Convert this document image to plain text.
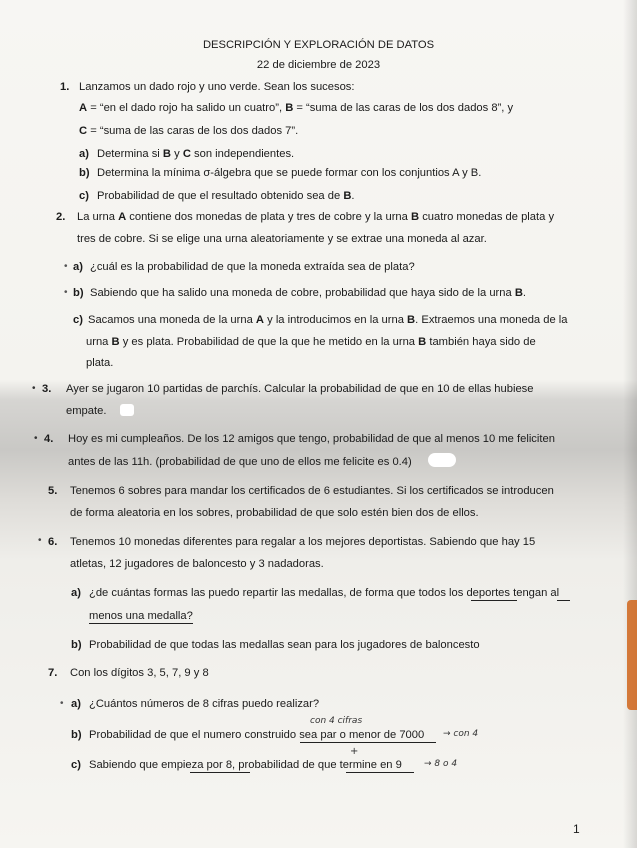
DESCRIPCIÓN Y EXPLORACIÓN DE DATOS
22 de diciembre de 2023
1. Lanzamos un dado rojo y uno verde. Sean los sucesos:
A = “en el dado rojo ha salido un cuatro”, B = “suma de las caras de los dos dados 8”, y
C = “suma de las caras de los dos dados 7”.
a) Determina si B y C son independientes.
b) Determina la mínima σ-álgebra que se puede formar con los conjuntios A y B.
c) Probabilidad de que el resultado obtenido sea de B.
2. La urna A contiene dos monedas de plata y tres de cobre y la urna B cuatro monedas de plata y
tres de cobre. Si se elige una urna aleatoriamente y se extrae una moneda al azar.
• a) ¿cuál es la probabilidad de que la moneda extraída sea de plata?
• b) Sabiendo que ha salido una moneda de cobre, probabilidad que haya sido de la urna B.
c) Sacamos una moneda de la urna A y la introducimos en la urna B. Extraemos una moneda de la
urna B y es plata. Probabilidad de que la que he metido en la urna B también haya sido de
plata.
• 3. Ayer se jugaron 10 partidas de parchís. Calcular la probabilidad de que en 10 de ellas hubiese
empate.
• 4. Hoy es mi cumpleaños. De los 12 amigos que tengo, probabilidad de que al menos 10 me feliciten
antes de las 11h. (probabilidad de que uno de ellos me felicite es 0.4)
5. Tenemos 6 sobres para mandar los certificados de 6 estudiantes. Si los certificados se introducen
de forma aleatoria en los sobres, probabilidad de que solo estén bien dos de ellos.
• 6. Tenemos 10 monedas diferentes para regalar a los mejores deportistas. Sabiendo que hay 15
atletas, 12 jugadores de baloncesto y 3 nadadoras.
a) ¿de cuántas formas las puedo repartir las medallas, de forma que todos los deportes tengan al
menos una medalla?
b) Probabilidad de que todas las medallas sean para los jugadores de baloncesto
7. Con los dígitos 3, 5, 7, 9 y 8
• a) ¿Cuántos números de 8 cifras puedo realizar?
con 4 cifras
b) Probabilidad de que el numero construido sea par o menor de 7000 → con 4
+
c) Sabiendo que empieza por 8, probabilidad de que termine en 9 → 8 o 4
1
